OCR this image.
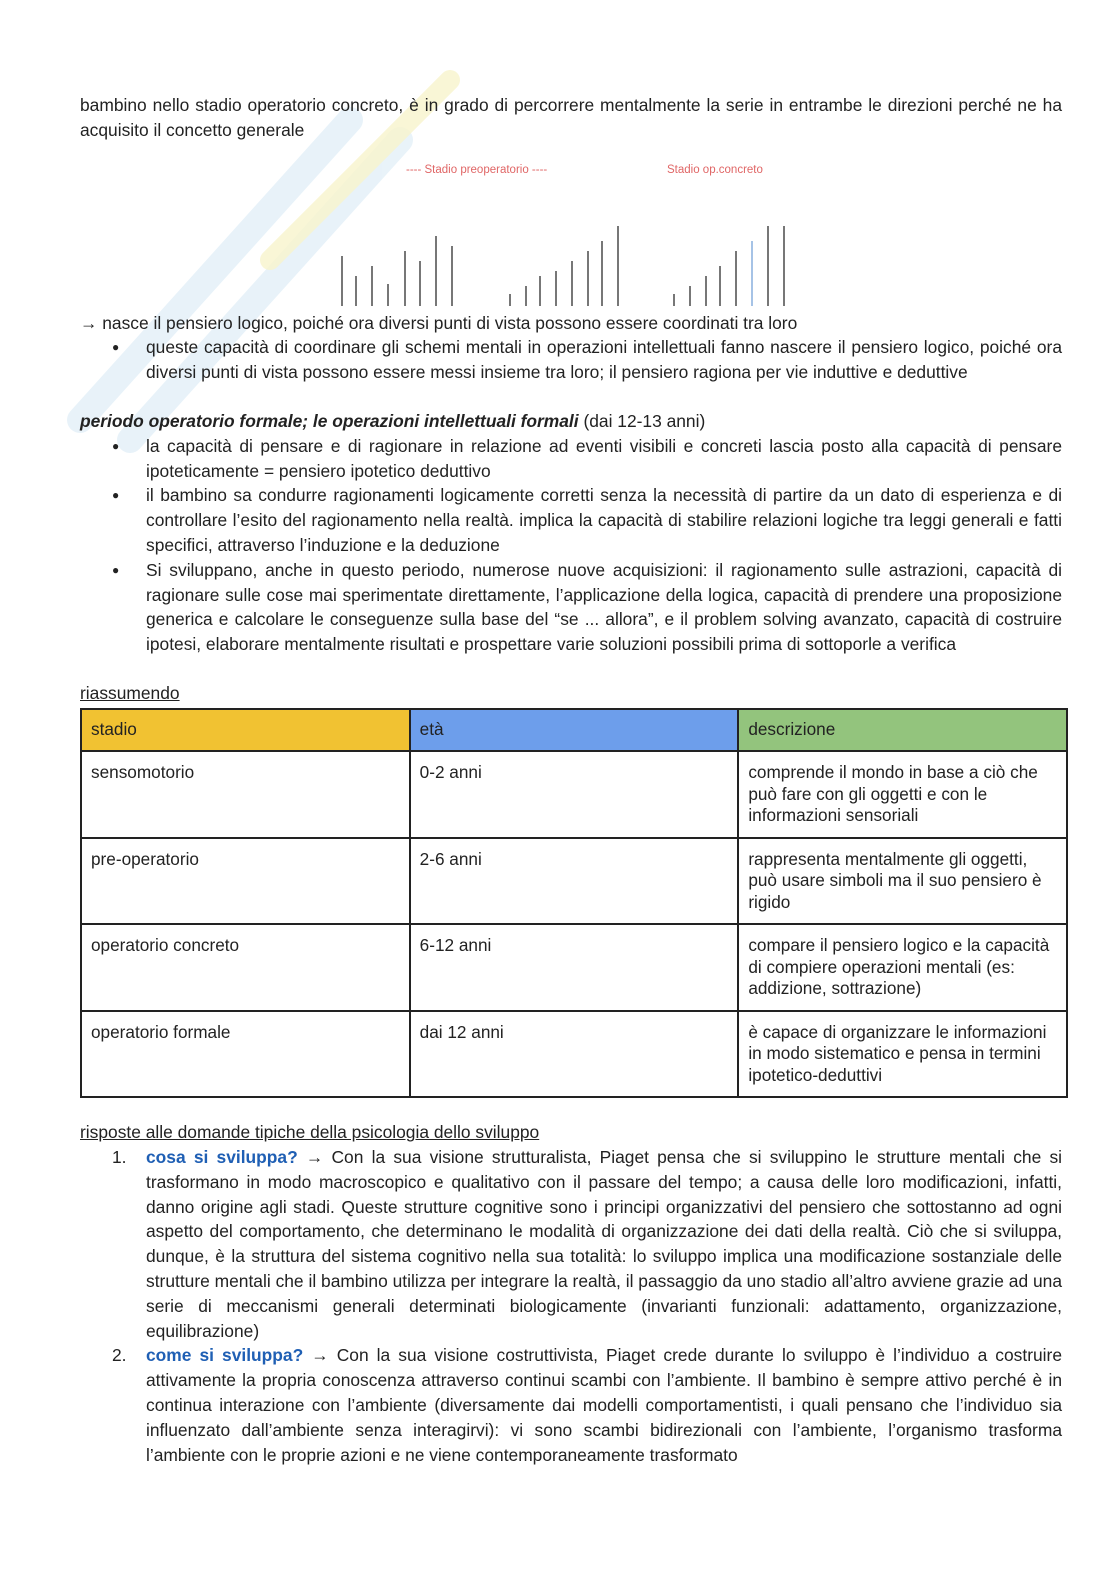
bambino nello stadio operatorio concreto, è in grado di percorrere mentalmente la serie in entrambe le direzioni perché ne ha acquisito il concetto generale

---- Stadio preoperatorio ----	Stadio op.concreto

→ nasce il pensiero logico, poiché ora diversi punti di vista possono essere coordinati tra loro

● queste capacità di coordinare gli schemi mentali in operazioni intellettuali fanno nascere il pensiero logico, poiché ora diversi punti di vista possono essere messi insieme tra loro; il pensiero ragiona per vie induttive e deduttive

periodo operatorio formale; le operazioni intellettuali formali (dai 12-13 anni)

● la capacità di pensare e di ragionare in relazione ad eventi visibili e concreti lascia posto alla capacità di pensare ipoteticamente = pensiero ipotetico deduttivo
● il bambino sa condurre ragionamenti logicamente corretti senza la necessità di partire da un dato di esperienza e di controllare l’esito del ragionamento nella realtà. implica la capacità di stabilire relazioni logiche tra leggi generali e fatti specifici, attraverso l’induzione e la deduzione
● Si sviluppano, anche in questo periodo, numerose nuove acquisizioni: il ragionamento sulle astrazioni, capacità di ragionare sulle cose mai sperimentate direttamente, l’applicazione della logica, capacità di prendere una proposizione generica e calcolare le conseguenze sulla base del “se ... allora”, e il problem solving avanzato, capacità di costruire ipotesi, elaborare mentalmente risultati e prospettare varie soluzioni possibili prima di sottoporle a verifica

riassumendo

stadio	età	descrizione
sensomotorio	0-2 anni	comprende il mondo in base a ciò che può fare con gli oggetti e con le informazioni sensoriali
pre-operatorio	2-6 anni	rappresenta mentalmente gli oggetti, può usare simboli ma il suo pensiero è rigido
operatorio concreto	6-12 anni	compare il pensiero logico e la capacità di compiere operazioni mentali (es: addizione, sottrazione)
operatorio formale	dai 12 anni	è capace di organizzare le informazioni in modo sistematico e pensa in termini ipotetico-deduttivi

risposte alle domande tipiche della psicologia dello sviluppo

1. cosa si sviluppa? → Con la sua visione strutturalista, Piaget pensa che si sviluppino le strutture mentali che si trasformano in modo macroscopico e qualitativo con il passare del tempo; a causa delle loro modificazioni, infatti, danno origine agli stadi. Queste strutture cognitive sono i principi organizzativi del pensiero che sottostanno ad ogni aspetto del comportamento, che determinano le modalità di organizzazione dei dati della realtà. Ciò che si sviluppa, dunque, è la struttura del sistema cognitivo nella sua totalità: lo sviluppo implica una modificazione sostanziale delle strutture mentali che il bambino utilizza per integrare la realtà, il passaggio da uno stadio all’altro avviene grazie ad una serie di meccanismi generali determinati biologicamente (invarianti funzionali: adattamento, organizzazione, equilibrazione)
2. come si sviluppa? → Con la sua visione costruttivista, Piaget crede durante lo sviluppo è l’individuo a costruire attivamente la propria conoscenza attraverso continui scambi con l’ambiente. Il bambino è sempre attivo perché è in continua interazione con l’ambiente (diversamente dai modelli comportamentisti, i quali pensano che l’individuo sia influenzato dall’ambiente senza interagirvi): vi sono scambi bidirezionali con l’ambiente, l’organismo trasforma l’ambiente con le proprie azioni e ne viene contemporaneamente trasformato
